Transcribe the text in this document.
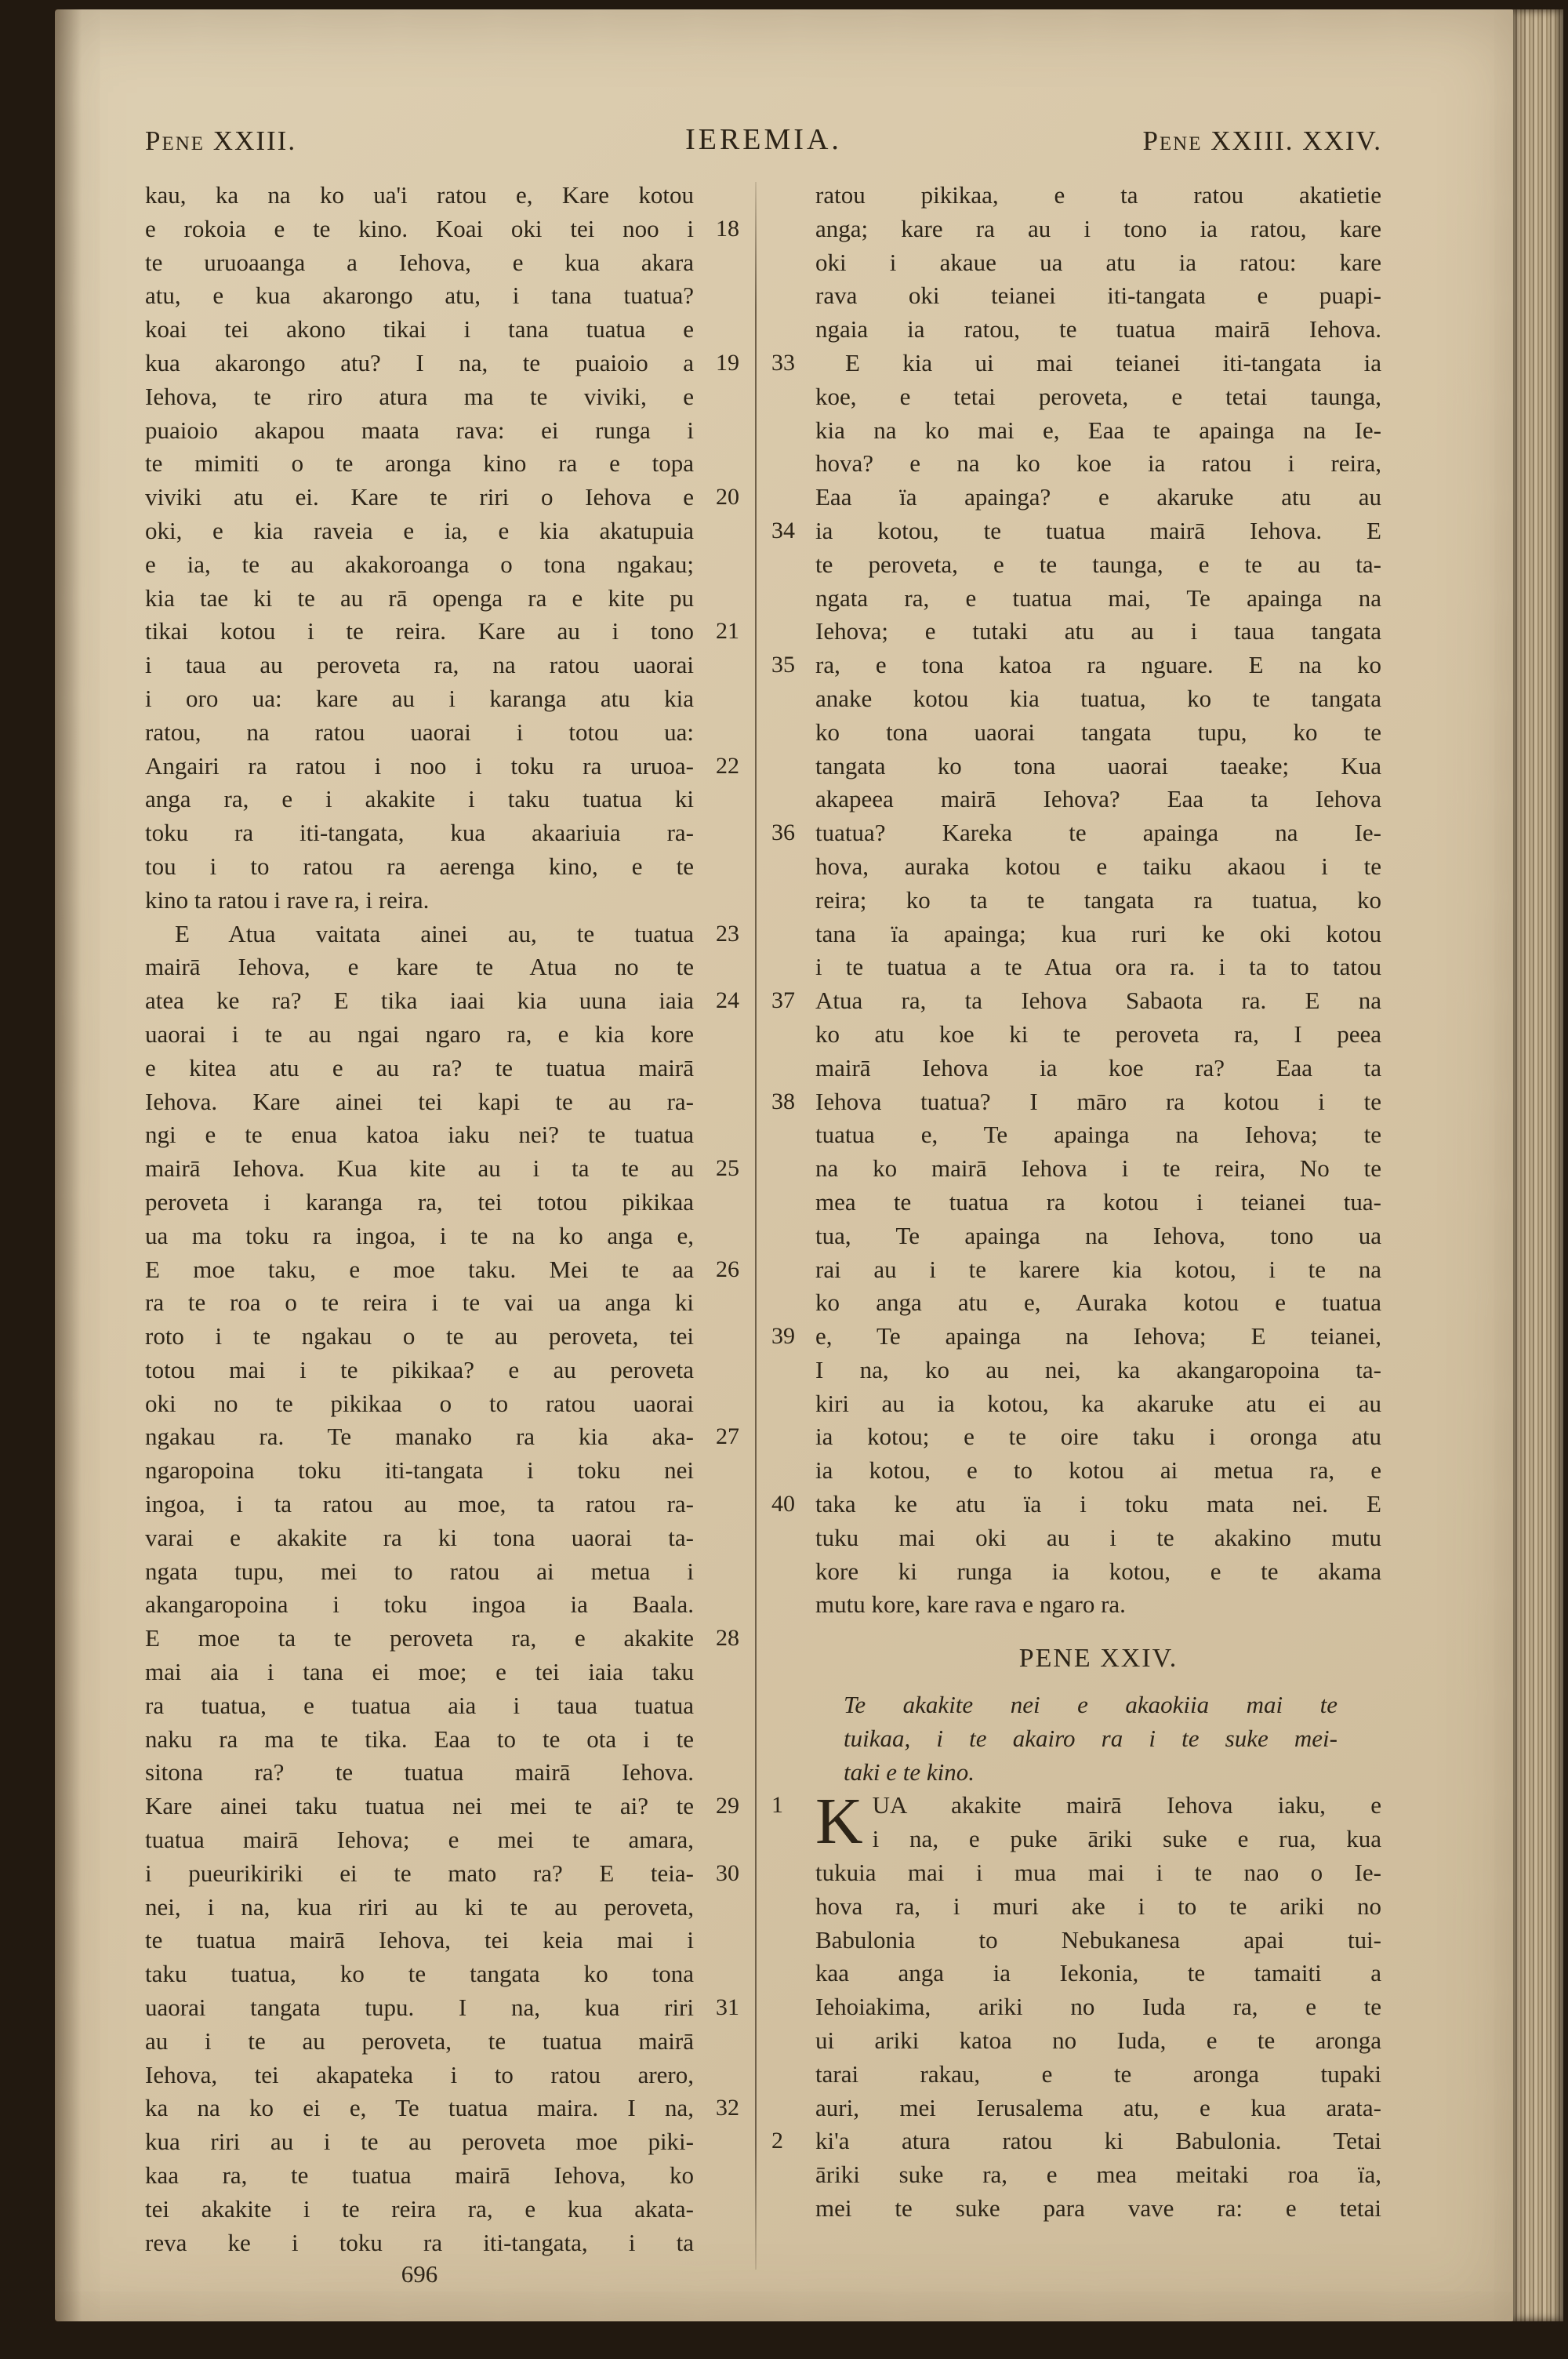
Pene XXIII.	IEREMIA.	Pene XXIII. XXIV.
kau, ka na ko ua'i ratou e, Kare kotou
18
e rokoia e te kino. Koai oki tei noo i
te uruoaanga a Iehova, e kua akara
atu, e kua akarongo atu, i tana tuatua?
koai tei akono tikai i tana tuatua e
19
kua akarongo atu? I na, te puaioio a
Iehova, te riro atura ma te viviki, e
puaioio akapou maata rava: ei runga i
te mimiti o te aronga kino ra e topa
20
viviki atu ei. Kare te riri o Iehova e
oki, e kia raveia e ia, e kia akatupuia
e ia, te au akakoroanga o tona ngakau;
kia tae ki te au rā openga ra e kite pu
21
tikai kotou i te reira. Kare au i tono
i taua au peroveta ra, na ratou uaorai
i oro ua: kare au i karanga atu kia
ratou, na ratou uaorai i totou ua:
22
Angairi ra ratou i noo i toku ra uruoa-
anga ra, e i akakite i taku tuatua ki
toku ra iti-tangata, kua akaariuia ra-
tou i to ratou ra aerenga kino, e te
kino ta ratou i rave ra, i reira.
23
E Atua vaitata ainei au, te tuatua
mairā Iehova, e kare te Atua no te
24
atea ke ra? E tika iaai kia uuna iaia
uaorai i te au ngai ngaro ra, e kia kore
e kitea atu e au ra? te tuatua mairā
Iehova. Kare ainei tei kapi te au ra-
ngi e te enua katoa iaku nei? te tuatua
25
mairā Iehova. Kua kite au i ta te au
peroveta i karanga ra, tei totou pikikaa
ua ma toku ra ingoa, i te na ko anga e,
26
E moe taku, e moe taku. Mei te aa
ra te roa o te reira i te vai ua anga ki
roto i te ngakau o te au peroveta, tei
totou mai i te pikikaa? e au peroveta
oki no te pikikaa o to ratou uaorai
27
ngakau ra. Te manako ra kia aka-
ngaropoina toku iti-tangata i toku nei
ingoa, i ta ratou au moe, ta ratou ra-
varai e akakite ra ki tona uaorai ta-
ngata tupu, mei to ratou ai metua i
akangaropoina i toku ingoa ia Baala.
28
E moe ta te peroveta ra, e akakite
mai aia i tana ei moe; e tei iaia taku
ra tuatua, e tuatua aia i taua tuatua
naku ra ma te tika. Eaa to te ota i te
sitona ra? te tuatua mairā Iehova.
29
Kare ainei taku tuatua nei mei te ai? te
tuatua mairā Iehova; e mei te amara,
30
i pueurikiriki ei te mato ra? E teia-
nei, i na, kua riri au ki te au peroveta,
te tuatua mairā Iehova, tei keia mai i
taku tuatua, ko te tangata ko tona
31
uaorai tangata tupu. I na, kua riri
au i te au peroveta, te tuatua mairā
Iehova, tei akapateka i to ratou arero,
32
ka na ko ei e, Te tuatua maira. I na,
kua riri au i te au peroveta moe piki-
kaa ra, te tuatua mairā Iehova, ko
tei akakite i te reira ra, e kua akata-
reva ke i toku ra iti-tangata, i ta
ratou pikikaa, e ta ratou akatietie
anga; kare ra au i tono ia ratou, kare
oki i akaue ua atu ia ratou: kare
rava oki teianei iti-tangata e puapi-
ngaia ia ratou, te tuatua mairā Iehova.
33 E kia ui mai teianei iti-tangata ia
koe, e tetai peroveta, e tetai taunga,
kia na ko mai e, Eaa te apainga na Ie-
hova? e na ko koe ia ratou i reira,
Eaa ïa apainga? e akaruke atu au
34 ia kotou, te tuatua mairā Iehova. E
te peroveta, e te taunga, e te au ta-
ngata ra, e tuatua mai, Te apainga na
Iehova; e tutaki atu au i taua tangata
35 ra, e tona katoa ra nguare. E na ko
anake kotou kia tuatua, ko te tangata
ko tona uaorai tangata tupu, ko te
tangata ko tona uaorai taeake; Kua
akapeea mairā Iehova? Eaa ta Iehova
36 tuatua? Kareka te apainga na Ie-
hova, auraka kotou e taiku akaou i te
reira; ko ta te tangata ra tuatua, ko
tana ïa apainga; kua ruri ke oki kotou
i te tuatua a te Atua ora ra. i ta to tatou
37 Atua ra, ta Iehova Sabaota ra. E na
ko atu koe ki te peroveta ra, I peea
mairā Iehova ia koe ra? Eaa ta
38 Iehova tuatua? I māro ra kotou i te
tuatua e, Te apainga na Iehova; te
na ko mairā Iehova i te reira, No te
mea te tuatua ra kotou i teianei tua-
tua, Te apainga na Iehova, tono ua
rai au i te karere kia kotou, i te na
ko anga atu e, Auraka kotou e tuatua
39 e, Te apainga na Iehova; E teianei,
I na, ko au nei, ka akangaropoina ta-
kiri au ia kotou, ka akaruke atu ei au
ia kotou; e te oire taku i oronga atu
ia kotou, e to kotou ai metua ra, e
40 taka ke atu ïa i toku mata nei. E
tuku mai oki au i te akakino mutu
kore ki runga ia kotou, e te akama
mutu kore, kare rava e ngaro ra.
PENE XXIV.
Te akakite nei e akaokiia mai te
tuikaa, i te akairo ra i te suke mei-
taki e te kino.
1 K UA akakite mairā Iehova iaku, e
i na, e puke āriki suke e rua, kua
tukuia mai i mua mai i te nao o Ie-
hova ra, i muri ake i to te ariki no
Babulonia to Nebukanesa apai tui-
kaa anga ia Iekonia, te tamaiti a
Iehoiakima, ariki no Iuda ra, e te
ui ariki katoa no Iuda, e te aronga
tarai rakau, e te aronga tupaki
auri, mei Ierusalema atu, e kua arata-
2 ki'a atura ratou ki Babulonia. Tetai
āriki suke ra, e mea meitaki roa ïa,
mei te suke para vave ra: e tetai
696
